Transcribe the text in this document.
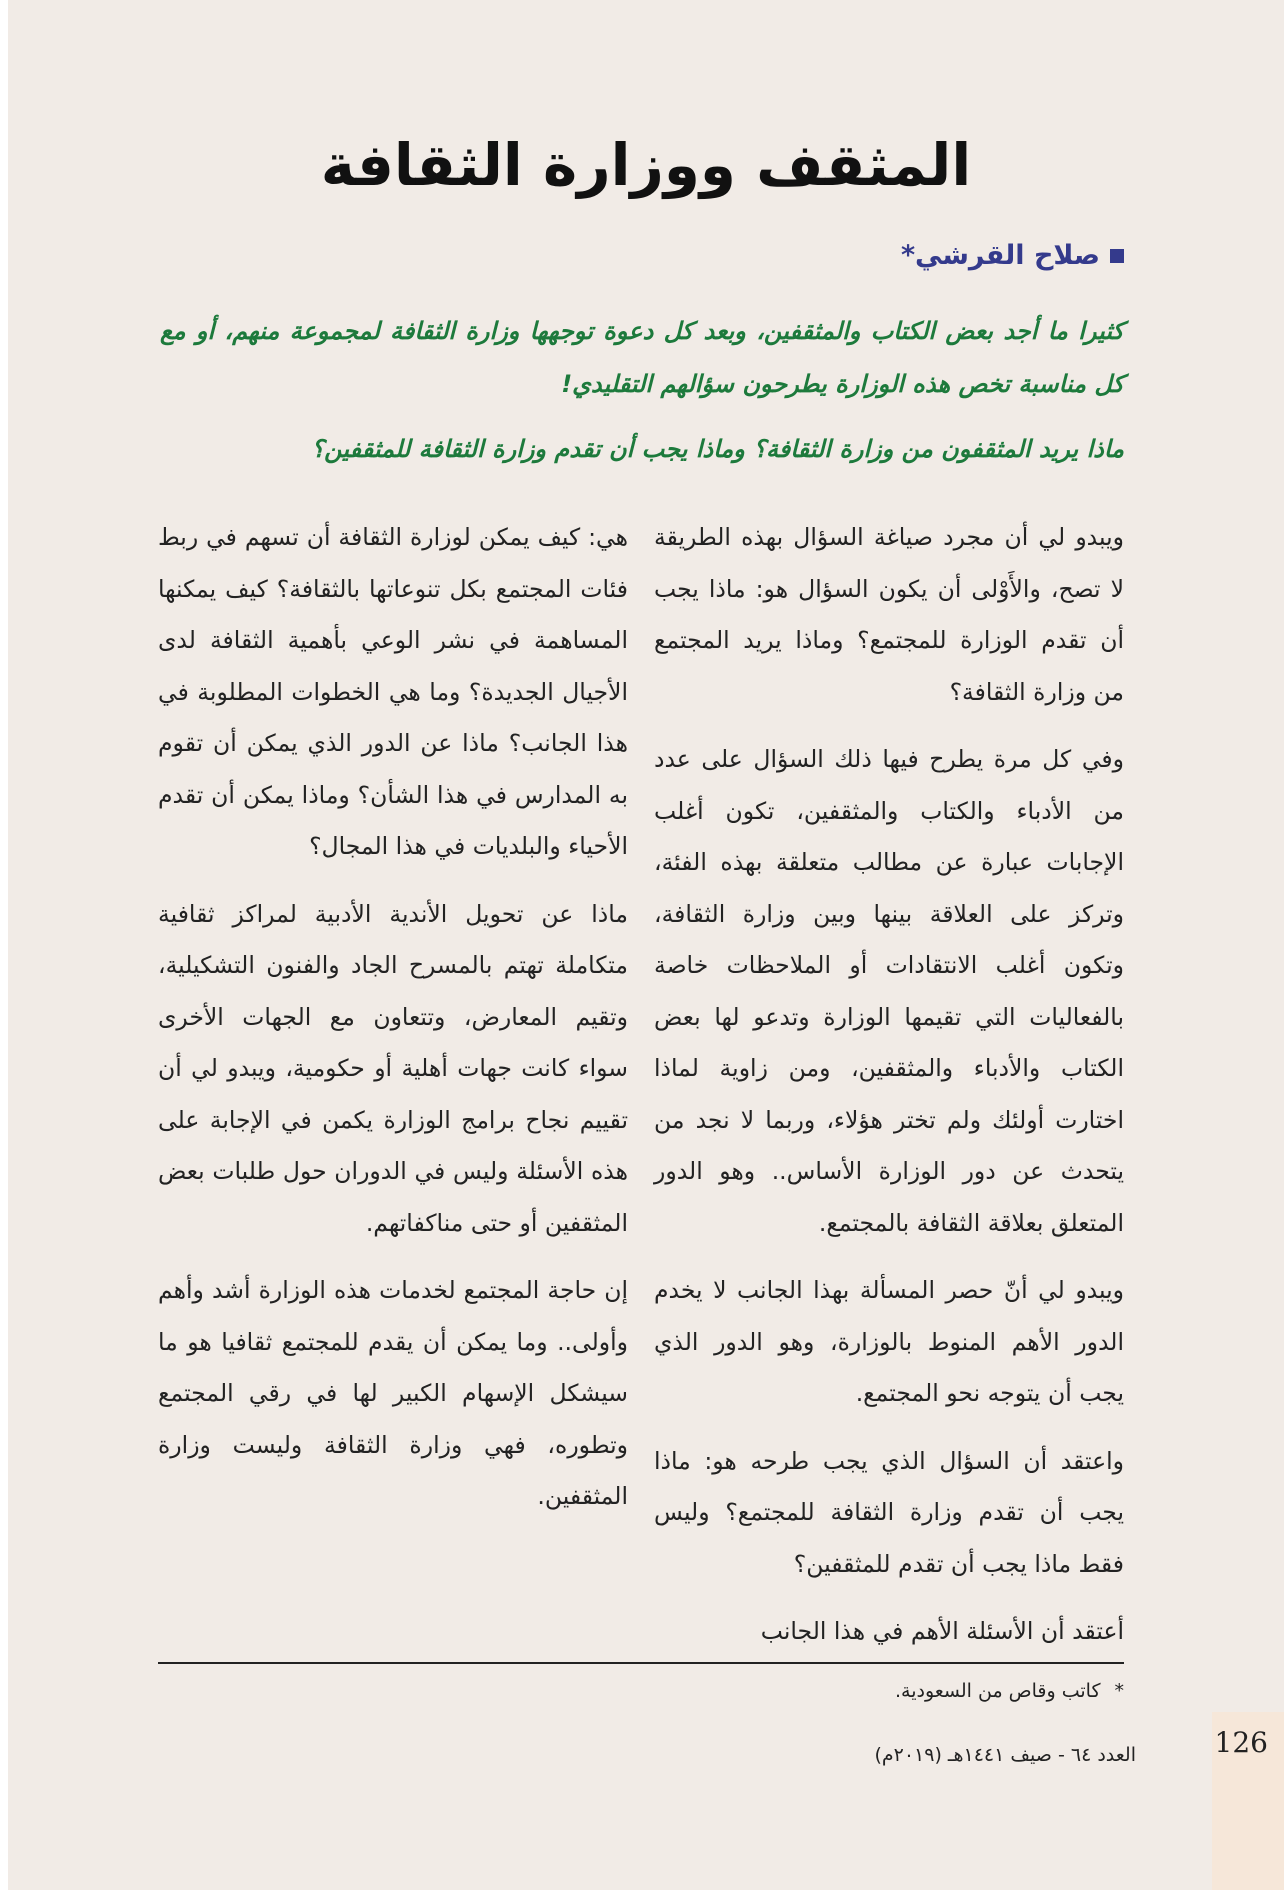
المثقف ووزارة الثقافة
صلاح القرشي*

كثيرا ما أجد بعض الكتاب والمثقفين، وبعد كل دعوة توجهها وزارة الثقافة لمجموعة منهم، أو مع كل مناسبة تخص هذه الوزارة يطرحون سؤالهم التقليدي!

ماذا يريد المثقفون من وزارة الثقافة؟ وماذا يجب أن تقدم وزارة الثقافة للمثقفين؟

ويبدو لي أن مجرد صياغة السؤال بهذه الطريقة لا تصح، والأَوْلى أن يكون السؤال هو: ماذا يجب أن تقدم الوزارة للمجتمع؟ وماذا يريد المجتمع من وزارة الثقافة؟

وفي كل مرة يطرح فيها ذلك السؤال على عدد من الأدباء والكتاب والمثقفين، تكون أغلب الإجابات عبارة عن مطالب متعلقة بهذه الفئة، وتركز على العلاقة بينها وبين وزارة الثقافة، وتكون أغلب الانتقادات أو الملاحظات خاصة بالفعاليات التي تقيمها الوزارة وتدعو لها بعض الكتاب والأدباء والمثقفين، ومن زاوية لماذا اختارت أولئك ولم تختر هؤلاء، وربما لا نجد من يتحدث عن دور الوزارة الأساس.. وهو الدور المتعلق بعلاقة الثقافة بالمجتمع.

ويبدو لي أنّ حصر المسألة بهذا الجانب لا يخدم الدور الأهم المنوط بالوزارة، وهو الدور الذي يجب أن يتوجه نحو المجتمع.

واعتقد أن السؤال الذي يجب طرحه هو: ماذا يجب أن تقدم وزارة الثقافة للمجتمع؟ وليس فقط ماذا يجب أن تقدم للمثقفين؟

أعتقد أن الأسئلة الأهم في هذا الجانب

هي: كيف يمكن لوزارة الثقافة أن تسهم في ربط فئات المجتمع بكل تنوعاتها بالثقافة؟ كيف يمكنها المساهمة في نشر الوعي بأهمية الثقافة لدى الأجيال الجديدة؟ وما هي الخطوات المطلوبة في هذا الجانب؟ ماذا عن الدور الذي يمكن أن تقوم به المدارس في هذا الشأن؟ وماذا يمكن أن تقدم الأحياء والبلديات في هذا المجال؟

ماذا عن تحويل الأندية الأدبية لمراكز ثقافية متكاملة تهتم بالمسرح الجاد والفنون التشكيلية، وتقيم المعارض، وتتعاون مع الجهات الأخرى سواء كانت جهات أهلية أو حكومية، ويبدو لي أن تقييم نجاح برامج الوزارة يكمن في الإجابة على هذه الأسئلة وليس في الدوران حول طلبات بعض المثقفين أو حتى مناكفاتهم.

إن حاجة المجتمع لخدمات هذه الوزارة أشد وأهم وأولى.. وما يمكن أن يقدم للمجتمع ثقافيا هو ما سيشكل الإسهام الكبير لها في رقي المجتمع وتطوره، فهي وزارة الثقافة وليست وزارة المثقفين.

*
كاتب وقاص من السعودية.
126
العدد ٦٤ - صيف ١٤٤١هـ (٢٠١٩م)
